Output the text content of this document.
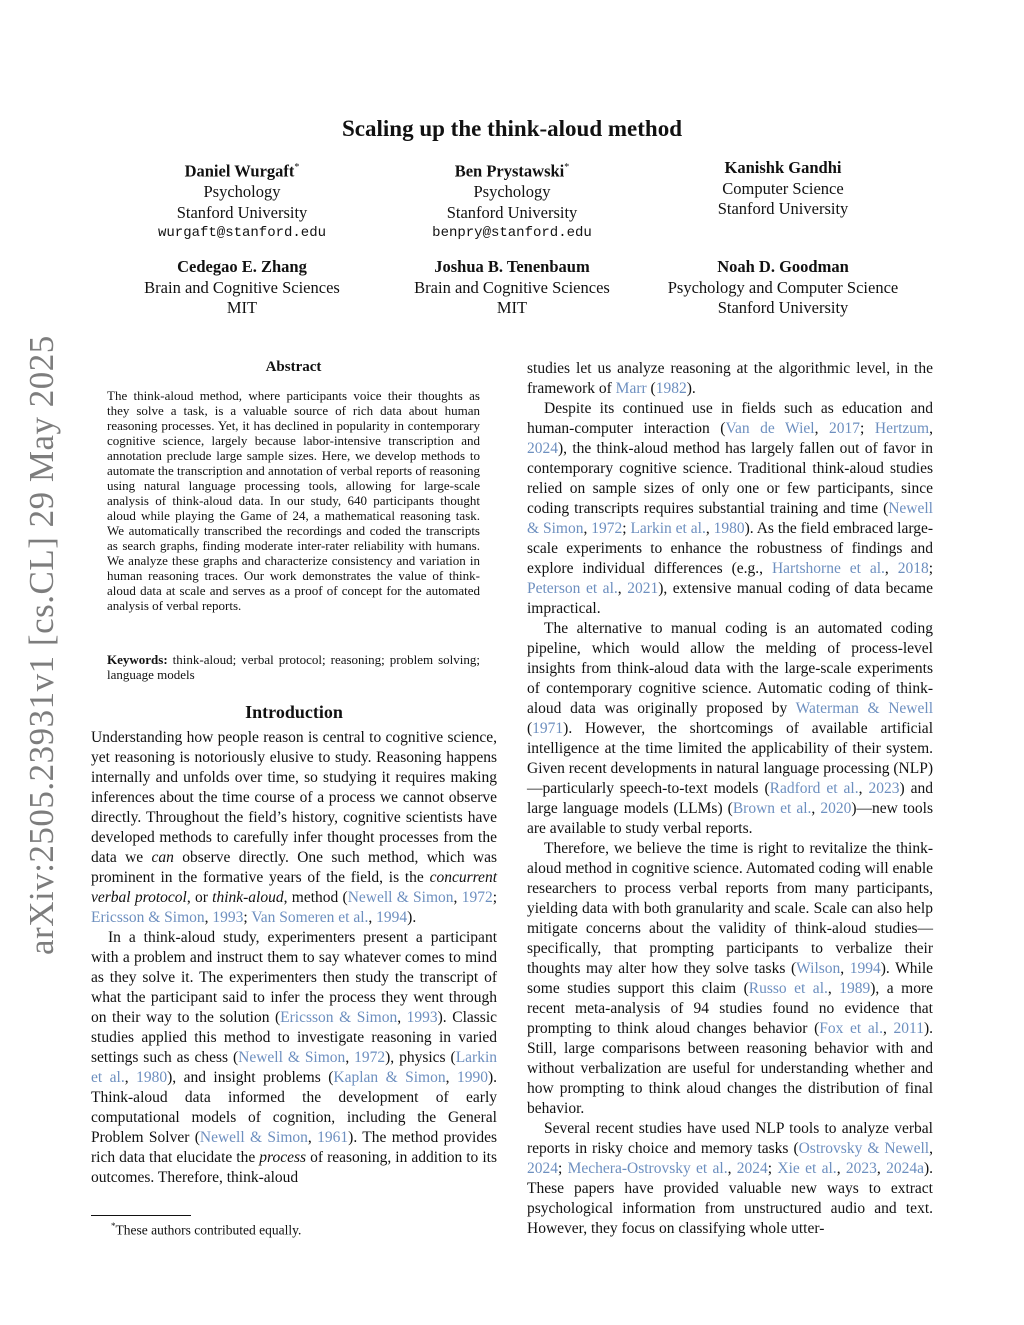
arXiv:2505.23931v1 [cs.CL] 29 May 2025
Scaling up the think-aloud method
Daniel Wurgaft*
Psychology
Stanford University
wurgaft@stanford.edu
Ben Prystawski*
Psychology
Stanford University
benpry@stanford.edu
Kanishk Gandhi
Computer Science
Stanford University
Cedegao E. Zhang
Brain and Cognitive Sciences
MIT
Joshua B. Tenenbaum
Brain and Cognitive Sciences
MIT
Noah D. Goodman
Psychology and Computer Science
Stanford University
Abstract
The think-aloud method, where participants voice their thoughts as they solve a task, is a valuable source of rich data about human reasoning processes. Yet, it has declined in popularity in contemporary cognitive science, largely because labor-intensive transcription and annotation preclude large sample sizes. Here, we develop methods to automate the transcription and annotation of verbal reports of reasoning using natural language processing tools, allowing for large-scale analysis of think-aloud data. In our study, 640 participants thought aloud while playing the Game of 24, a mathematical reasoning task. We automatically transcribed the recordings and coded the transcripts as search graphs, finding moderate inter-rater reliability with humans. We analyze these graphs and characterize consistency and variation in human reasoning traces. Our work demonstrates the value of think-aloud data at scale and serves as a proof of concept for the automated analysis of verbal reports.
Keywords: think-aloud; verbal protocol; reasoning; problem solving; language models
Introduction

Understanding how people reason is central to cognitive science, yet reasoning is notoriously elusive to study. Reasoning happens internally and unfolds over time, so studying it requires making inferences about the time course of a process we cannot observe directly. Throughout the field’s history, cognitive scientists have developed methods to carefully infer thought processes from the data we can observe directly. One such method, which was prominent in the formative years of the field, is the concurrent verbal protocol, or think-aloud, method (Newell & Simon, 1972; Ericsson & Simon, 1993; Van Someren et al., 1994).

In a think-aloud study, experimenters present a participant with a problem and instruct them to say whatever comes to mind as they solve it. The experimenters then study the transcript of what the participant said to infer the process they went through on their way to the solution (Ericsson & Simon, 1993). Classic studies applied this method to investigate reasoning in varied settings such as chess (Newell & Simon, 1972), physics (Larkin et al., 1980), and insight problems (Kaplan & Simon, 1990). Think-aloud data informed the development of early computational models of cognition, including the General Problem Solver (Newell & Simon, 1961). The method provides rich data that elucidate the process of reasoning, in addition to its outcomes. Therefore, think-aloud

studies let us analyze reasoning at the algorithmic level, in the framework of Marr (1982).

Despite its continued use in fields such as education and human-computer interaction (Van de Wiel, 2017; Hertzum, 2024), the think-aloud method has largely fallen out of favor in contemporary cognitive science. Traditional think-aloud studies relied on sample sizes of only one or few participants, since coding transcripts requires substantial training and time (Newell & Simon, 1972; Larkin et al., 1980). As the field embraced large-scale experiments to enhance the robustness of findings and explore individual differences (e.g., Hartshorne et al., 2018; Peterson et al., 2021), extensive manual coding of data became impractical.

The alternative to manual coding is an automated coding pipeline, which would allow the melding of process-level insights from think-aloud data with the large-scale experiments of contemporary cognitive science. Automatic coding of think-aloud data was originally proposed by Waterman & Newell (1971). However, the shortcomings of available artificial intelligence at the time limited the applicability of their system. Given recent developments in natural language processing (NLP)—particularly speech-to-text models (Radford et al., 2023) and large language models (LLMs) (Brown et al., 2020)—new tools are available to study verbal reports.

Therefore, we believe the time is right to revitalize the think-aloud method in cognitive science. Automated coding will enable researchers to process verbal reports from many participants, yielding data with both granularity and scale. Scale can also help mitigate concerns about the validity of think-aloud studies—specifically, that prompting participants to verbalize their thoughts may alter how they solve tasks (Wilson, 1994). While some studies support this claim (Russo et al., 1989), a more recent meta-analysis of 94 studies found no evidence that prompting to think aloud changes behavior (Fox et al., 2011). Still, large comparisons between reasoning behavior with and without verbalization are useful for understanding whether and how prompting to think aloud changes the distribution of final behavior.

Several recent studies have used NLP tools to analyze verbal reports in risky choice and memory tasks (Ostrovsky & Newell, 2024; Mechera-Ostrovsky et al., 2024; Xie et al., 2023, 2024a). These papers have provided valuable new ways to extract psychological information from unstructured audio and text. However, they focus on classifying whole utter-

*These authors contributed equally.
